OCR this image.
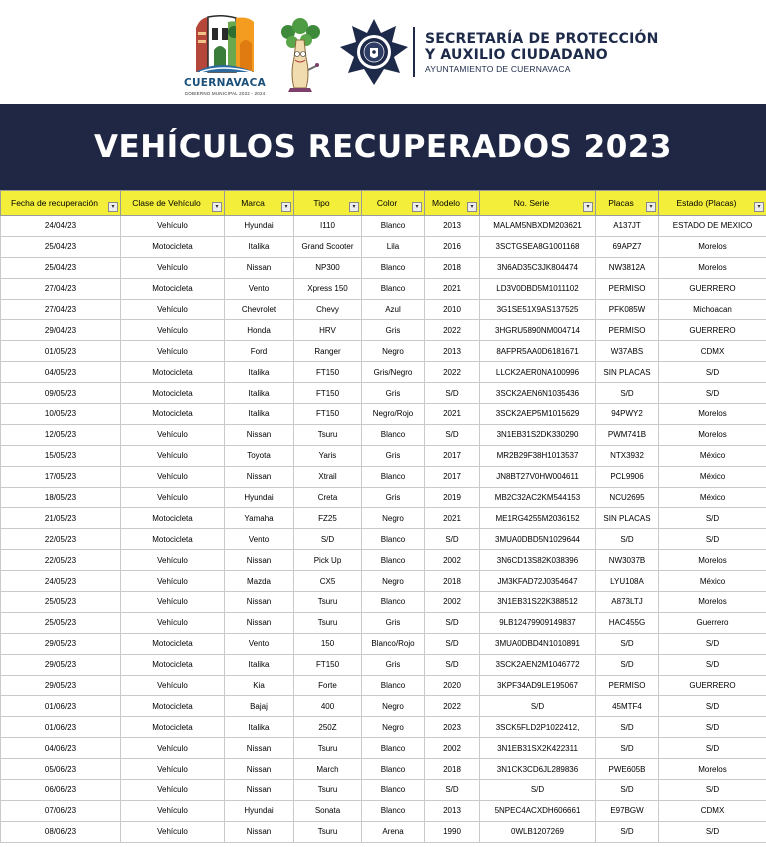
CUERNAVACA
GOBIERNO MUNICIPAL 2022 - 2024
SECRETARÍA DE PROTECCIÓN
Y AUXILIO CIUDADANO
AYUNTAMIENTO DE CUERNAVACA
VEHÍCULOS RECUPERADOS 2023
Fecha de recuperación ▾	Clase de Vehículo ▾	Marca ▾	Tipo ▾	Color ▾	Modelo ▾	No. Serie ▾	Placas ▾	Estado (Placas) ▾

24/04/23	Vehículo	Hyundai	I110	Blanco	2013	MALAM5NBXDM203621	A137JT	ESTADO DE MEXICO
25/04/23	Motocicleta	Italika	Grand Scooter	Lila	2016	3SCTGSEA8G1001168	69APZ7	Morelos
25/04/23	Vehículo	Nissan	NP300	Blanco	2018	3N6AD35C3JK804474	NW3812A	Morelos
27/04/23	Motocicleta	Vento	Xpress 150	Blanco	2021	LD3V0DBD5M1011102	PERMISO	GUERRERO
27/04/23	Vehículo	Chevrolet	Chevy	Azul	2010	3G1SE51X9AS137525	PFK085W	Michoacan
29/04/23	Vehículo	Honda	HRV	Gris	2022	3HGRU5890NM004714	PERMISO	GUERRERO
01/05/23	Vehículo	Ford	Ranger	Negro	2013	8AFPR5AA0D6181671	W37ABS	CDMX
04/05/23	Motocicleta	Italika	FT150	Gris/Negro	2022	LLCK2AER0NA100996	SIN PLACAS	S/D
09/05/23	Motocicleta	Italika	FT150	Gris	S/D	3SCK2AEN6N1035436	S/D	S/D
10/05/23	Motocicleta	Italika	FT150	Negro/Rojo	2021	3SCK2AEP5M1015629	94PWY2	Morelos
12/05/23	Vehículo	Nissan	Tsuru	Blanco	S/D	3N1EB31S2DK330290	PWM741B	Morelos
15/05/23	Vehículo	Toyota	Yaris	Gris	2017	MR2B29F38H1013537	NTX3932	México
17/05/23	Vehículo	Nissan	Xtrail	Blanco	2017	JN8BT27V0HW004611	PCL9906	México
18/05/23	Vehículo	Hyundai	Creta	Gris	2019	MB2C32AC2KM544153	NCU2695	México
21/05/23	Motocicleta	Yamaha	FZ25	Negro	2021	ME1RG4255M2036152	SIN PLACAS	S/D
22/05/23	Motocicleta	Vento	S/D	Blanco	S/D	3MUA0DBD5N1029644	S/D	S/D
22/05/23	Vehículo	Nissan	Pick Up	Blanco	2002	3N6CD13S82K038396	NW3037B	Morelos
24/05/23	Vehículo	Mazda	CX5	Negro	2018	JM3KFAD72J0354647	LYU108A	México
25/05/23	Vehículo	Nissan	Tsuru	Blanco	2002	3N1EB31S22K388512	A873LTJ	Morelos
25/05/23	Vehículo	Nissan	Tsuru	Gris	S/D	9LB12479909149837	HAC455G	Guerrero
29/05/23	Motocicleta	Vento	150	Blanco/Rojo	S/D	3MUA0DBD4N1010891	S/D	S/D
29/05/23	Motocicleta	Italika	FT150	Gris	S/D	3SCK2AEN2M1046772	S/D	S/D
29/05/23	Vehículo	Kia	Forte	Blanco	2020	3KPF34AD9LE195067	PERMISO	GUERRERO
01/06/23	Motocicleta	Bajaj	400	Negro	2022	S/D	45MTF4	S/D
01/06/23	Motocicleta	Italika	250Z	Negro	2023	3SCK5FLD2P1022412,	S/D	S/D
04/06/23	Vehículo	Nissan	Tsuru	Blanco	2002	3N1EB31SX2K422311	S/D	S/D
05/06/23	Vehículo	Nissan	March	Blanco	2018	3N1CK3CD6JL289836	PWE605B	Morelos
06/06/23	Vehículo	Nissan	Tsuru	Blanco	S/D	S/D	S/D	S/D
07/06/23	Vehículo	Hyundai	Sonata	Blanco	2013	5NPEC4ACXDH606661	E97BGW	CDMX
08/06/23	Vehículo	Nissan	Tsuru	Arena	1990	0WLB1207269	S/D	S/D
